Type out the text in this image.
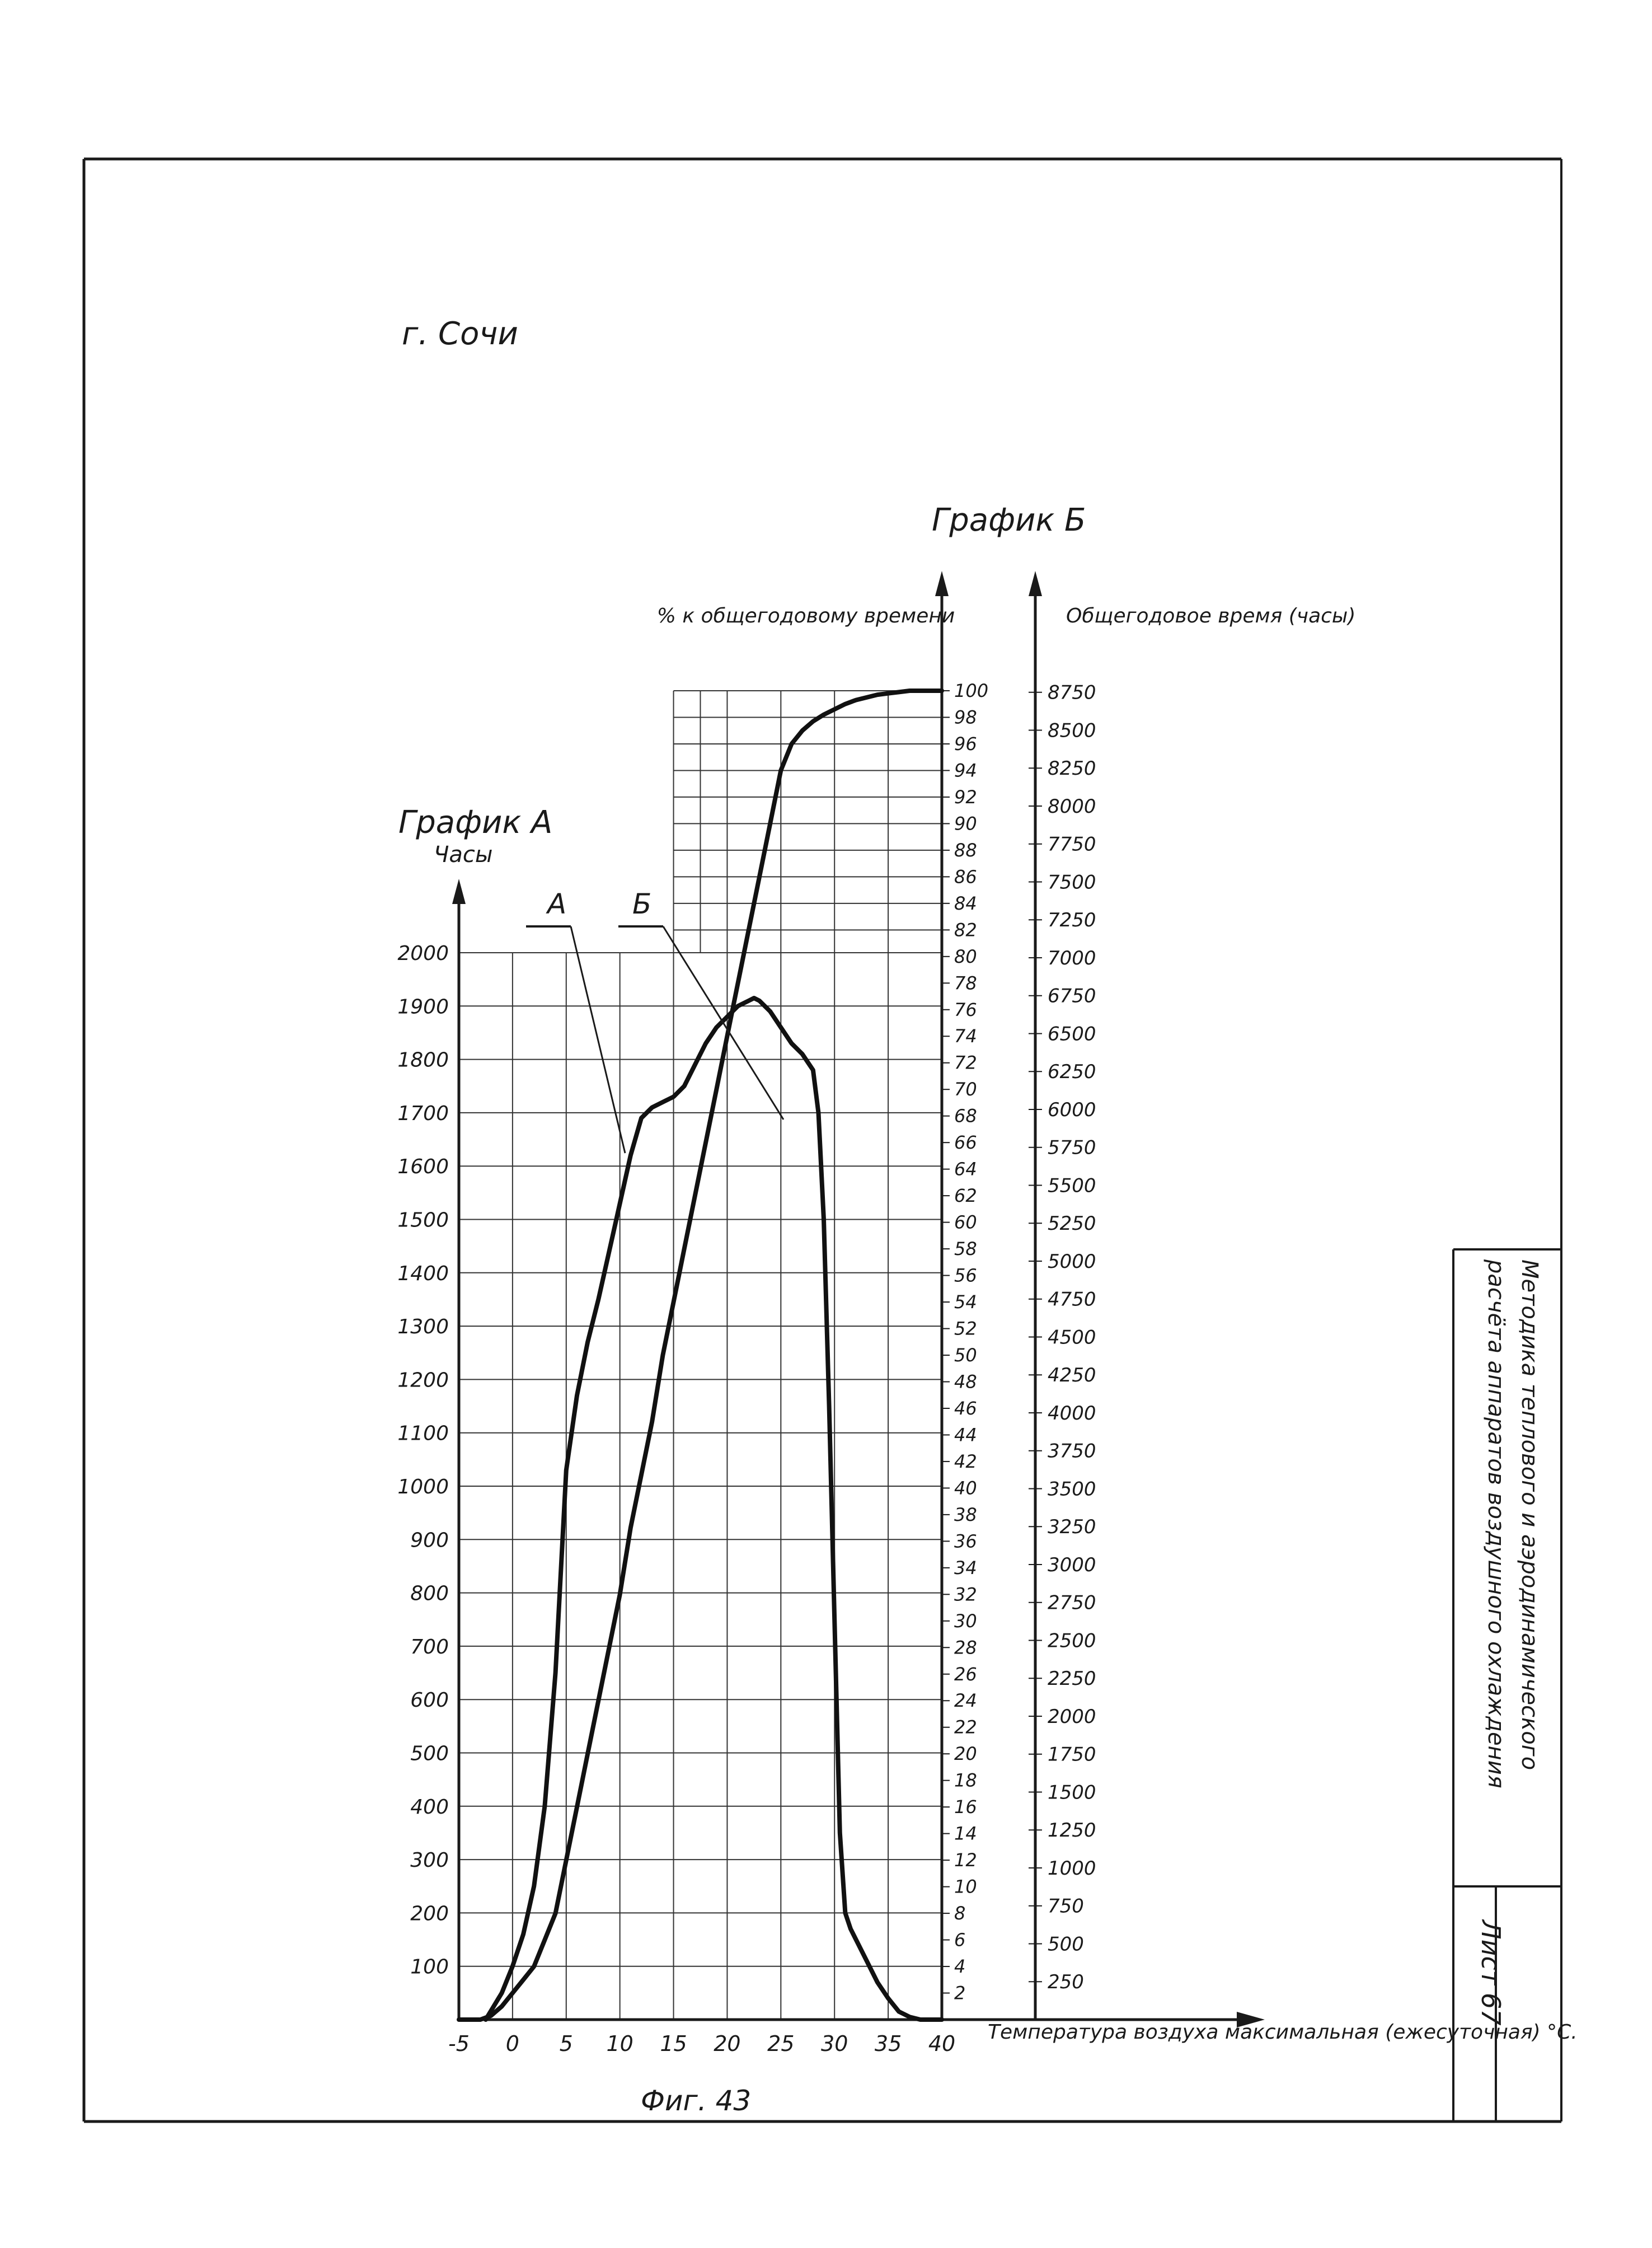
Методика теплового и аэродинамического
расчёта аппаратов воздушного охлаждения
Лист
67
г. Сочи
График Б
График А
Часы
% к общегодовому времени	Общегодовое время (часы)
-5 0 5 10 15 20 25 30 35 40
100
200
300
400
500
600
700
800
900
1000
1100
1200
1300
1400
1500
1600
1700
1800
1900
2000
2
4
6
8
10
12
14
16
18
20
22
24
26
28
30
32
34
36
38
40
42
44
46
48
50
52
54
56
58
60
62
64
66
68
70
72
74
76
78
80
82
84
86
88
90
92
94
96
98
100
250
500
750
1000
1250
1500
1750
2000
2250
2500
2750
3000
3250
3500
3750
4000
4250
4500
4750
5000
5250
5500
5750
6000
6250
6500
6750
7000
7250
7500
7750
8000
8250
8500
8750
А Б
Температура воздуха максимальная (ежесуточная) °С.
Фиг. 43
